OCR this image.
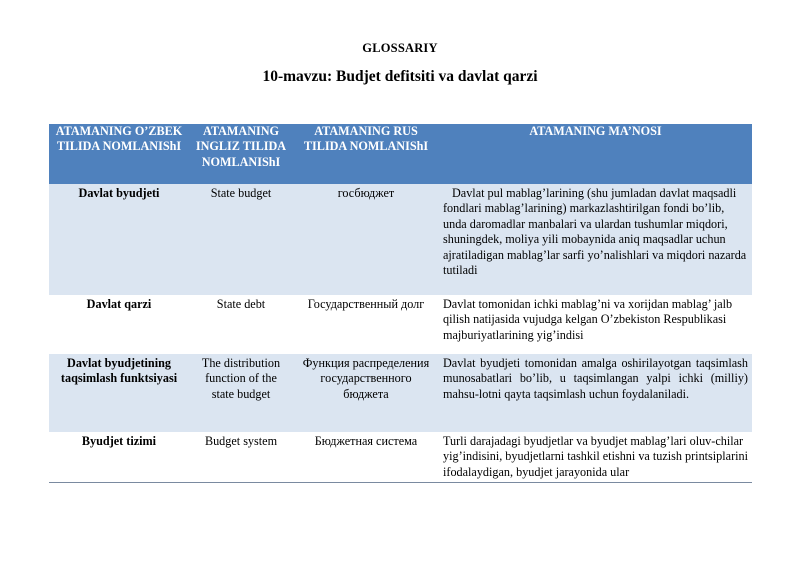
GLOSSARIY
10-mavzu: Budjet defitsiti va davlat qarzi
ATAMANING O’ZBEK TILIDA NOMLANIShI	ATAMANING INGLIZ TILIDA NOMLANIShI	ATAMANING RUS TILIDA NOMLANIShI	ATAMANING MA’NOSI
Davlat byudjeti	State budget	госбюджет	Davlat pul mablag’larining (shu jumladan davlat maqsadli fondlari mablag’larining) markazlashtirilgan fondi bo’lib, unda daromadlar manbalari va ulardan tushumlar miqdori, shuningdek, moliya yili mobaynida aniq maqsadlar uchun ajratiladigan mablag’lar sarfi yo’nalishlari va miqdori nazarda tutiladi
Davlat qarzi	State debt	Государственный долг	Davlat tomonidan ichki mablag’ni va xorijdan mablag’ jalb qilish natijasida vujudga kelgan O’zbekiston Respublikasi majburiyatlarining yig’indisi
Davlat byudjetining taqsimlash funktsiyasi	The distribution function of the state budget	Функция распределения государственного бюджета	Davlat byudjeti tomonidan amalga oshirilayotgan taqsimlash munosabatlari bo’lib, u taqsimlangan yalpi ichki (milliy) mahsu-lotni qayta taqsimlash uchun foydalaniladi.
Byudjet tizimi	Budget system	Бюджетная система	Turli darajadagi byudjetlar va byudjet mablag’lari oluv-chilar yig’indisini, byudjetlarni tashkil etishni va tuzish printsiplarini ifodalaydigan, byudjet jarayonida ular
